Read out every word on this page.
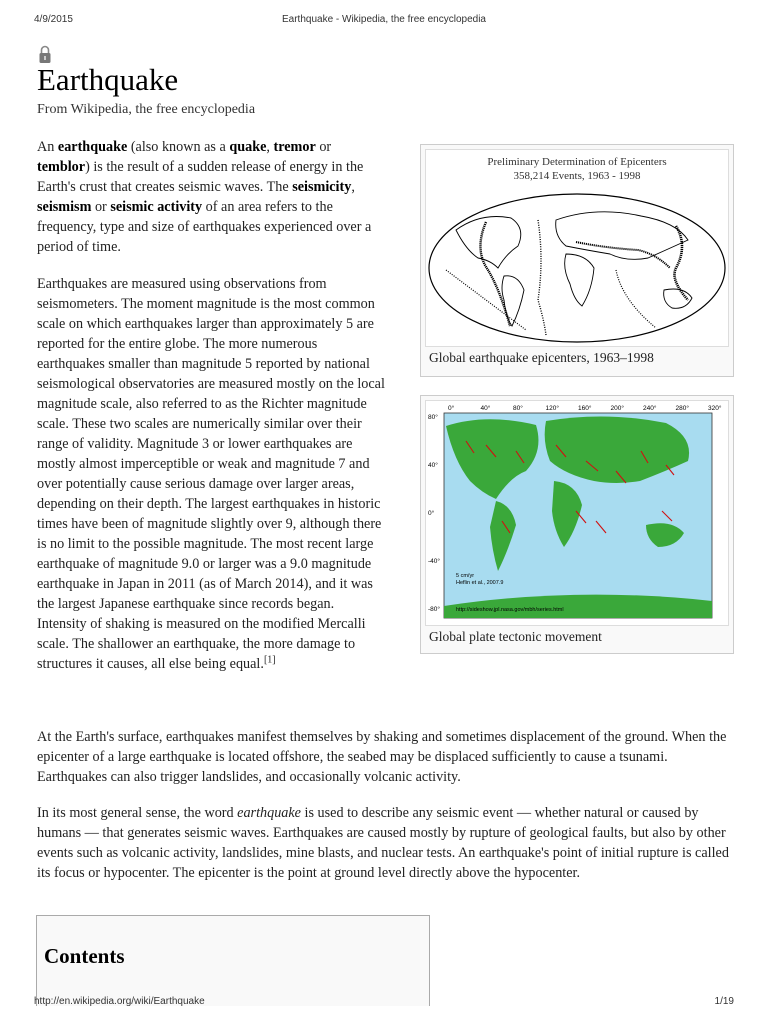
4/9/2015	Earthquake - Wikipedia, the free encyclopedia
Earthquake
From Wikipedia, the free encyclopedia

An earthquake (also known as a quake, tremor or temblor) is the result of a sudden release of energy in the Earth's crust that creates seismic waves. The seismicity, seismism or seismic activity of an area refers to the frequency, type and size of earthquakes experienced over a period of time.

Earthquakes are measured using observations from seismometers. The moment magnitude is the most common scale on which earthquakes larger than approximately 5 are reported for the entire globe. The more numerous earthquakes smaller than magnitude 5 reported by national seismological observatories are measured mostly on the local magnitude scale, also referred to as the Richter magnitude scale. These two scales are numerically similar over their range of validity. Magnitude 3 or lower earthquakes are mostly almost imperceptible or weak and magnitude 7 and over potentially cause serious damage over larger areas, depending on their depth. The largest earthquakes in historic times have been of magnitude slightly over 9, although there is no limit to the possible magnitude. The most recent large earthquake of magnitude 9.0 or larger was a 9.0 magnitude earthquake in Japan in 2011 (as of March 2014), and it was the largest Japanese earthquake since records began. Intensity of shaking is measured on the modified Mercalli scale. The shallower an earthquake, the more damage to structures it causes, all else being equal.[1]

Preliminary Determination of Epicenters
358,214 Events, 1963 - 1998
Global earthquake epicenters, 1963–1998
0°	40°	80°	120°	160°	200°	240°	280°	320°
80°
40°
0°
-40°
-80°
5 cm/yr
Heflin et al., 2007.9
http://sideshow.jpl.nasa.gov/mbh/series.html
Global plate tectonic movement

At the Earth's surface, earthquakes manifest themselves by shaking and sometimes displacement of the ground. When the epicenter of a large earthquake is located offshore, the seabed may be displaced sufficiently to cause a tsunami. Earthquakes can also trigger landslides, and occasionally volcanic activity.

In its most general sense, the word earthquake is used to describe any seismic event — whether natural or caused by humans — that generates seismic waves. Earthquakes are caused mostly by rupture of geological faults, but also by other events such as volcanic activity, landslides, mine blasts, and nuclear tests. An earthquake's point of initial rupture is called its focus or hypocenter. The epicenter is the point at ground level directly above the hypocenter.

Contents
http://en.wikipedia.org/wiki/Earthquake	1/19
